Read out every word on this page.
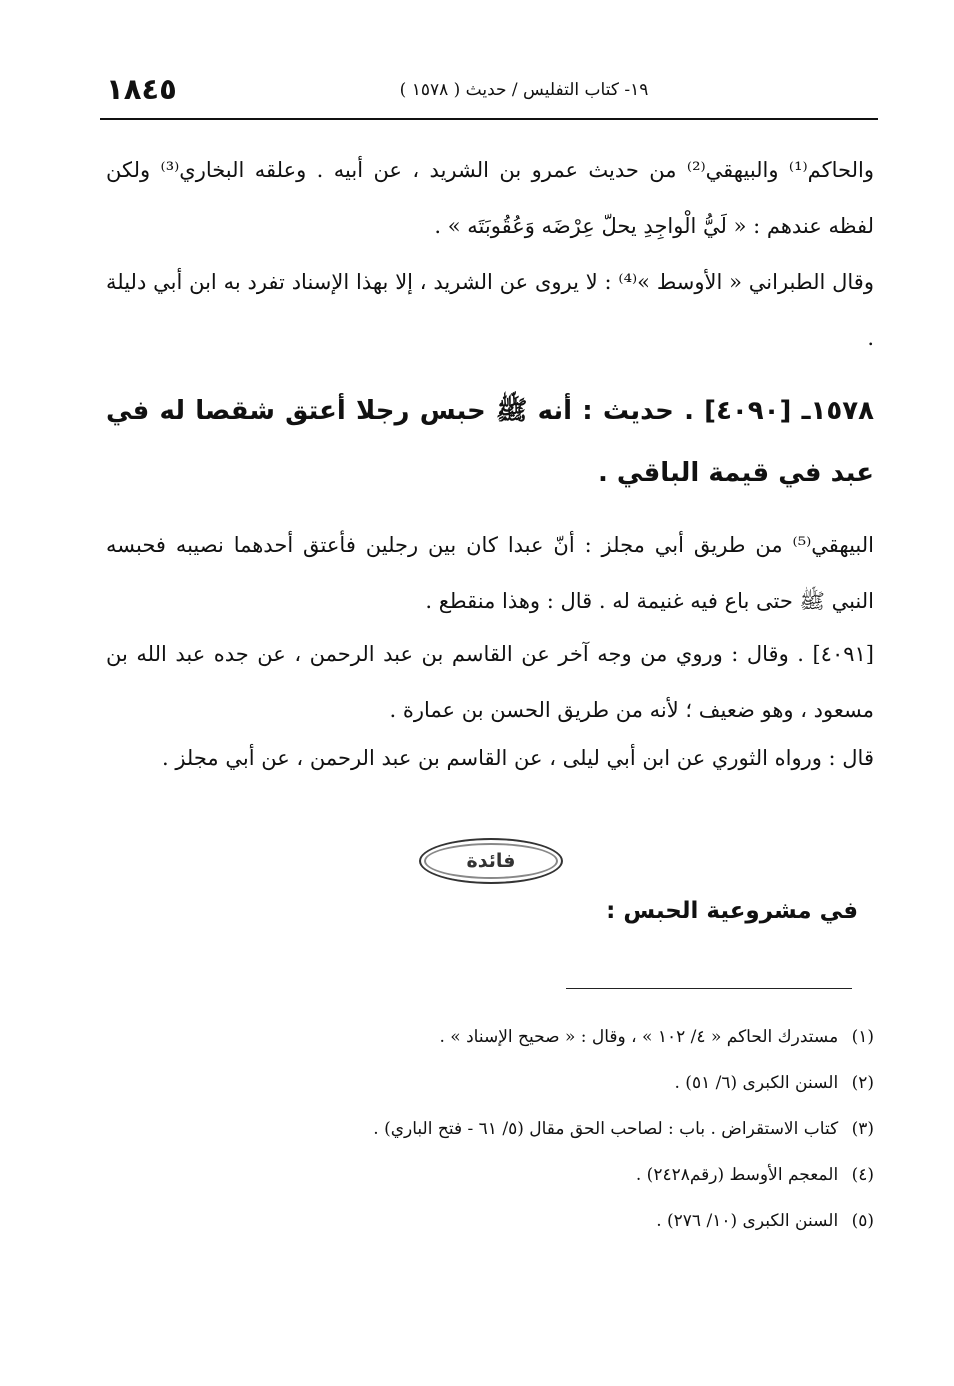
١٨٤٥	١٩- كتاب التفليس / حديث ( ١٥٧٨ )
والحاكم⁽¹⁾ والبيهقي⁽²⁾ من حديث عمرو بن الشريد ، عن أبيه . وعلقه البخاري⁽³⁾ ولكن لفظه عندهم : « لَيُّ الْواجِدِ يحلّ عِرْضَه وَعُقُوبَتَه » .
وقال الطبراني « الأوسط »⁽⁴⁾ : لا يروى عن الشريد ، إلا بهذا الإسناد تفرد به ابن أبي دليلة .
١٥٧٨ـ [٤٠٩٠] . حديث : أنه ﷺ حبس رجلا أعتق شقصا له في عبد في قيمة الباقي .
البيهقي⁽⁵⁾ من طريق أبي مجلز : أنّ عبدا كان بين رجلين فأعتق أحدهما نصيبه فحبسه النبي ﷺ حتى باع فيه غنيمة له . قال : وهذا منقطع .
[٤٠٩١] . وقال : وروي من وجه آخر عن القاسم بن عبد الرحمن ، عن جده عبد الله بن مسعود ، وهو ضعيف ؛ لأنه من طريق الحسن بن عمارة .
قال : ورواه الثوري عن ابن أبي ليلى ، عن القاسم بن عبد الرحمن ، عن أبي مجلز .
فائدة
في مشروعية الحبس :
(١) مستدرك الحاكم « ٤/ ١٠٢ » ، وقال : « صحيح الإسناد » .
(٢) السنن الكبرى (٦/ ٥١) .
(٣) كتاب الاستقراض . باب : لصاحب الحق مقال (٥/ ٦١ - فتح الباري) .
(٤) المعجم الأوسط (رقم٢٤٢٨) .
(٥) السنن الكبرى (١٠/ ٢٧٦) .
